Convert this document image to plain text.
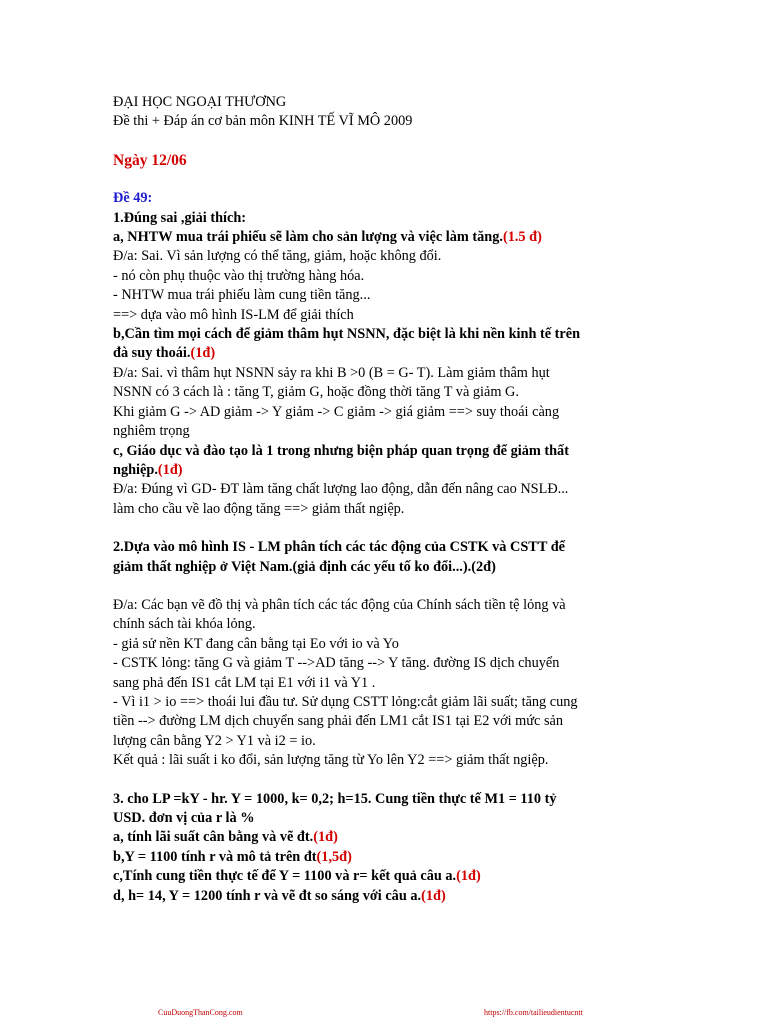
ĐẠI HỌC NGOẠI THƯƠNG
Đề thi + Đáp án cơ bản môn KINH TẾ VĨ MÔ 2009
Ngày 12/06
Đề 49:
1.Đúng sai ,giải thích:
a, NHTW mua trái phiếu sẽ làm cho sản lượng và việc làm tăng.(1.5 đ)
Đ/a: Sai. Vì sản lượng có thể tăng, giảm, hoặc không đổi.
- nó còn phụ thuộc vào thị trường hàng hóa.
- NHTW mua trái phiếu làm cung tiền tăng...
==> dựa vào mô hình IS-LM để giải thích
b,Cần tìm mọi cách để giảm thâm hụt NSNN, đặc biệt là khi nền kinh tế trên
đà suy thoái.(1đ)
Đ/a: Sai. vì thâm hụt NSNN sảy ra khi B >0 (B = G- T). Làm giảm thâm hụt
NSNN có 3 cách là : tăng T, giảm G, hoặc đồng thời tăng T và giảm G.
Khi giảm G -> AD giảm -> Y giảm -> C giảm -> giá giảm ==> suy thoái càng
nghiêm trọng
c, Giáo dục và đào tạo là 1 trong nhưng biện pháp quan trọng để giảm thất
nghiệp.(1đ)
Đ/a: Đúng vì GD- ĐT làm tăng chất lượng lao động, dẫn đến nâng cao NSLĐ...
làm cho cầu về lao động tăng ==> giảm thất ngiệp.
2.Dựa vào mô hình IS - LM phân tích các tác động của CSTK và CSTT để
giảm thất nghiệp ở Việt Nam.(giả định các yếu tố ko đổi...).(2đ)
Đ/a: Các bạn vẽ đồ thị và phân tích các tác động của Chính sách tiền tệ lỏng và
chính sách tài khóa lỏng.
- giả sử nền KT đang cân bằng tại Eo với io và Yo
- CSTK lỏng: tăng G và giảm T -->AD tăng --> Y tăng. đường IS dịch chuyển
sang phả đến IS1 cắt LM tại E1 với i1 và Y1 .
- Vì i1 > io ==> thoái lui đầu tư. Sử dụng CSTT lỏng:cắt giảm lãi suất; tăng cung
tiền --> đường LM dịch chuyển sang phải đến LM1 cắt IS1 tại E2 với mức sản
lượng cân bằng Y2 > Y1 và i2 = io.
Kết quả : lãi suất i ko đổi, sản lượng tăng từ Yo lên Y2 ==> giảm thất ngiệp.
3. cho LP =kY - hr. Y = 1000, k= 0,2; h=15. Cung tiền thực tế M1 = 110 tỷ
USD. đơn vị của r là %
a, tính lãi suất cân bằng và vẽ đt.(1đ)
b,Y = 1100 tính r và mô tả trên đt(1,5đ)
c,Tính cung tiền thực tế để Y = 1100 và r= kết quả câu a.(1đ)
d, h= 14, Y = 1200 tính r và vẽ đt so sáng với câu a.(1đ)
CuuDuongThanCong.com	https://fb.com/tailieudientucntt
